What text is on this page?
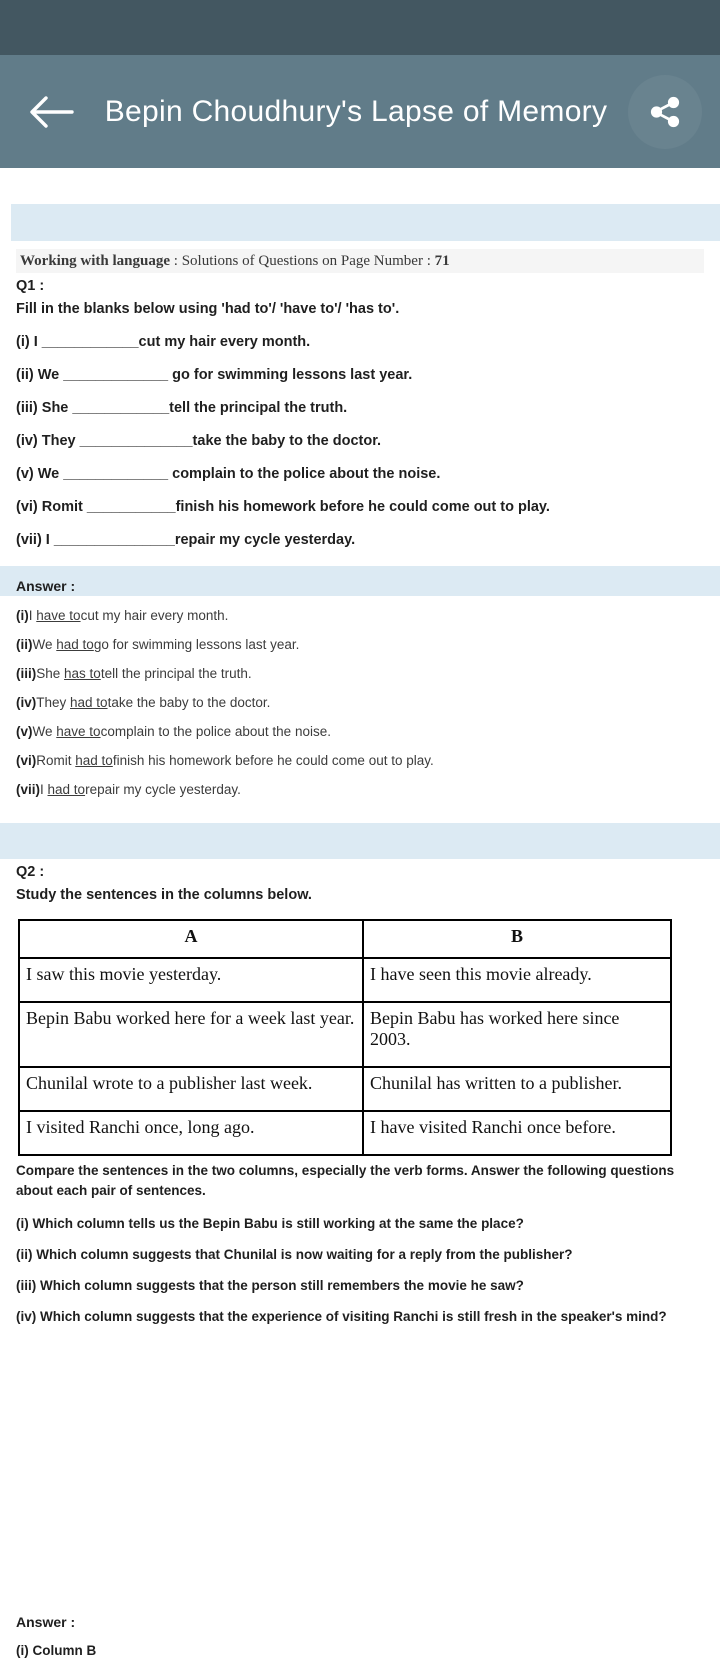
Bepin Choudhury's Lapse of Memory
Working with language : Solutions of Questions on Page Number : 71
Q1 :
Fill in the blanks below using 'had to'/ 'have to'/ 'has to'.
(i) I ____________cut my hair every month.
(ii) We _____________ go for swimming lessons last year.
(iii) She ____________tell the principal the truth.
(iv) They ______________take the baby to the doctor.
(v) We _____________ complain to the police about the noise.
(vi) Romit ___________finish his homework before he could come out to play.
(vii) I _______________repair my cycle yesterday.
Answer :
(i)I have tocut my hair every month.
(ii)We had togo for swimming lessons last year.
(iii)She has totell the principal the truth.
(iv)They had totake the baby to the doctor.
(v)We have tocomplain to the police about the noise.
(vi)Romit had tofinish his homework before he could come out to play.
(vii)I had torepair my cycle yesterday.
Q2 :
Study the sentences in the columns below.
A	B
I saw this movie yesterday.	I have seen this movie already.
Bepin Babu worked here for a week last year.	Bepin Babu has worked here since 2003.
Chunilal wrote to a publisher last week.	Chunilal has written to a publisher.
I visited Ranchi once, long ago.	I have visited Ranchi once before.
Compare the sentences in the two columns, especially the verb forms. Answer the following questions about each pair of sentences.
(i) Which column tells us the Bepin Babu is still working at the same the place?
(ii) Which column suggests that Chunilal is now waiting for a reply from the publisher?
(iii) Which column suggests that the person still remembers the movie he saw?
(iv) Which column suggests that the experience of visiting Ranchi is still fresh in the speaker's mind?
Answer :
(i) Column B
